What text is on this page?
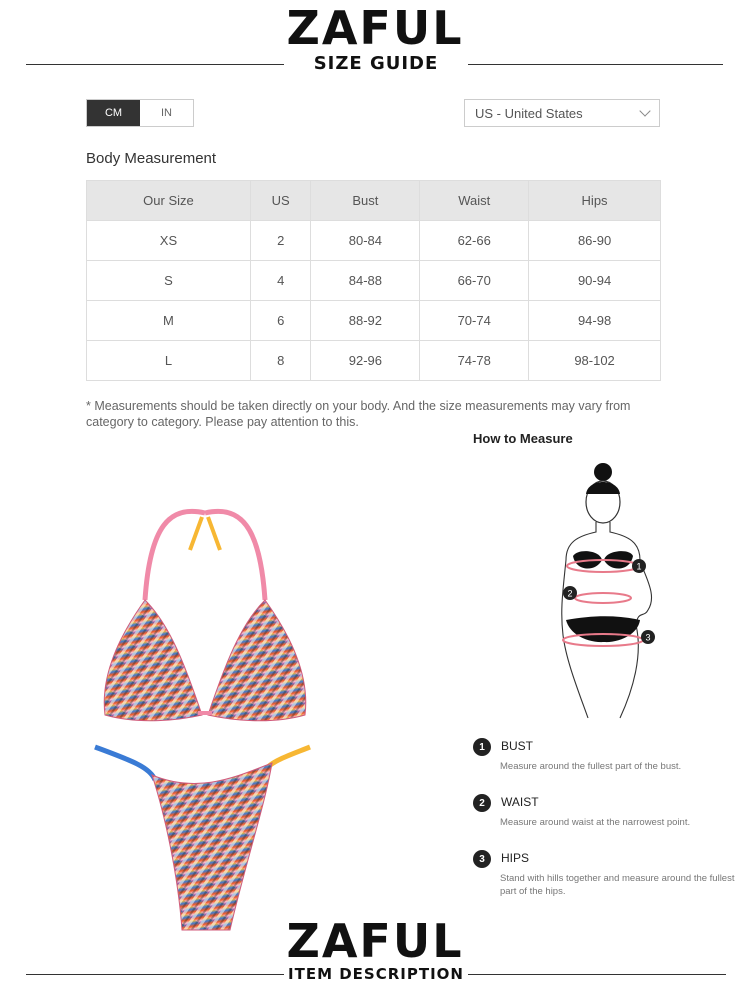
ZAFUL
SIZE GUIDE
CM	IN	US - United States
Body Measurement
Our Size	US	Bust	Waist	Hips
XS	2	80-84	62-66	86-90
S	4	84-88	66-70	90-94
M	6	88-92	70-74	94-98
L	8	92-96	74-78	98-102
* Measurements should be taken directly on your body. And the size measurements may vary from category to category. Please pay attention to this.
How to Measure
1
2
3
1	BUST
Measure around the fullest part of the bust.
2	WAIST
Measure around waist at the narrowest point.
3	HIPS
Stand with hills together and measure around the fullest part of the hips.
ZAFUL
ITEM DESCRIPTION
